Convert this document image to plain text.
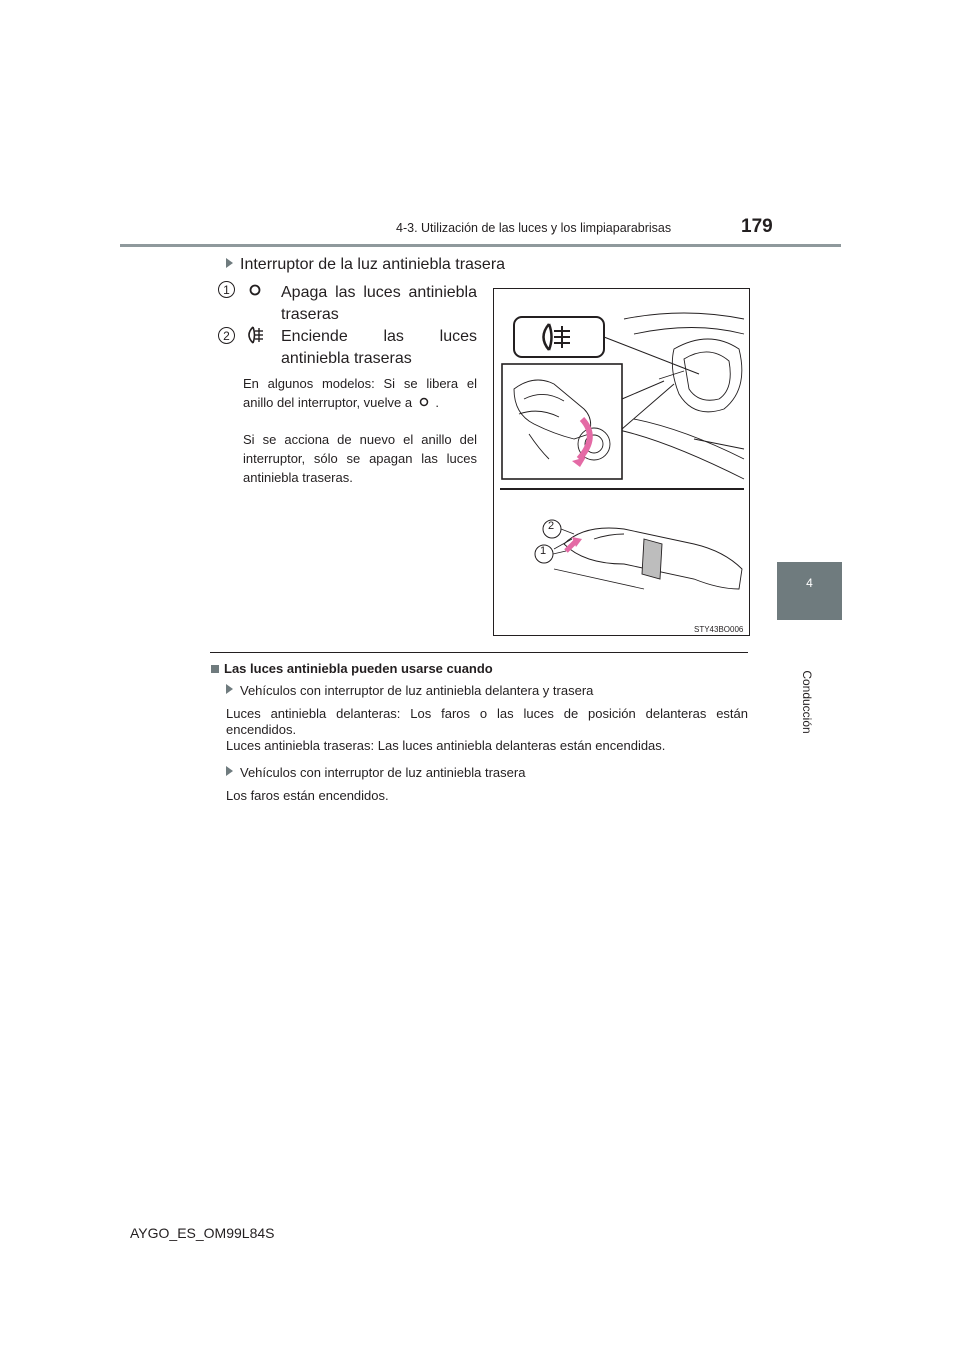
4-3. Utilización de las luces y los limpiaparabrisas	179
4
Conducción
Interruptor de la luz antiniebla trasera
1	Apaga las luces antiniebla traseras
2	Enciende las luces antiniebla traseras
En algunos modelos: Si se libera el anillo del interruptor, vuelve a .
Si se acciona de nuevo el anillo del interruptor, sólo se apagan las luces antiniebla traseras.
2
1
STY43BO006
Las luces antiniebla pueden usarse cuando
Vehículos con interruptor de luz antiniebla delantera y trasera
Luces antiniebla delanteras: Los faros o las luces de posición delanteras están encendidos.
Luces antiniebla traseras: Las luces antiniebla delanteras están encendidas.
Vehículos con interruptor de luz antiniebla trasera
Los faros están encendidos.
AYGO_ES_OM99L84S
